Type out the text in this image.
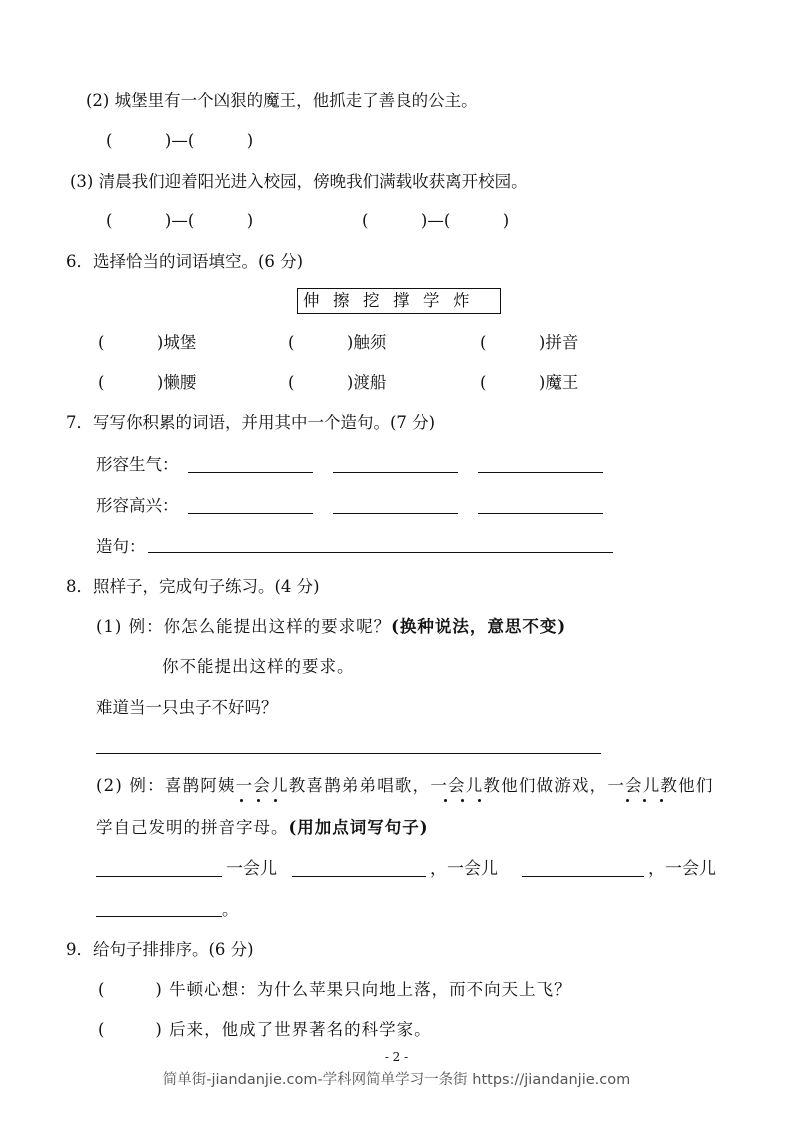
(2) 城堡里有一个凶狠的魔王，他抓走了善良的公主。
(          )—(          )
(3) 清晨我们迎着阳光进入校园，傍晚我们满载收获离开校园。
(          )—(          )	(          )—(          )
6．选择恰当的词语填空。(6 分)
伸擦挖撑学炸
(          )城堡	(          )触须	(          )拼音
(          )懒腰	(          )渡船	(          )魔王
7．写写你积累的词语，并用其中一个造句。(7 分)
形容生气：
形容高兴：
造句：
8．照样子，完成句子练习。(4 分)
(1) 例：你怎么能提出这样的要求呢？(换种说法，意思不变)
你不能提出这样的要求。
难道当一只虫子不好吗？
(2) 例：喜鹊阿姨一会儿教喜鹊弟弟唱歌，一会儿教他们做游戏，一会儿教他们
学自己发明的拼音字母。(用加点词写句子)
一会儿	，一会儿	，一会儿
。
9．给句子排排序。(6 分)
(        ) 牛顿心想：为什么苹果只向地上落，而不向天上飞？
(        ) 后来，他成了世界著名的科学家。
- 2 -
简单街-jiandanjie.com-学科网简单学习一条街 https://jiandanjie.com
